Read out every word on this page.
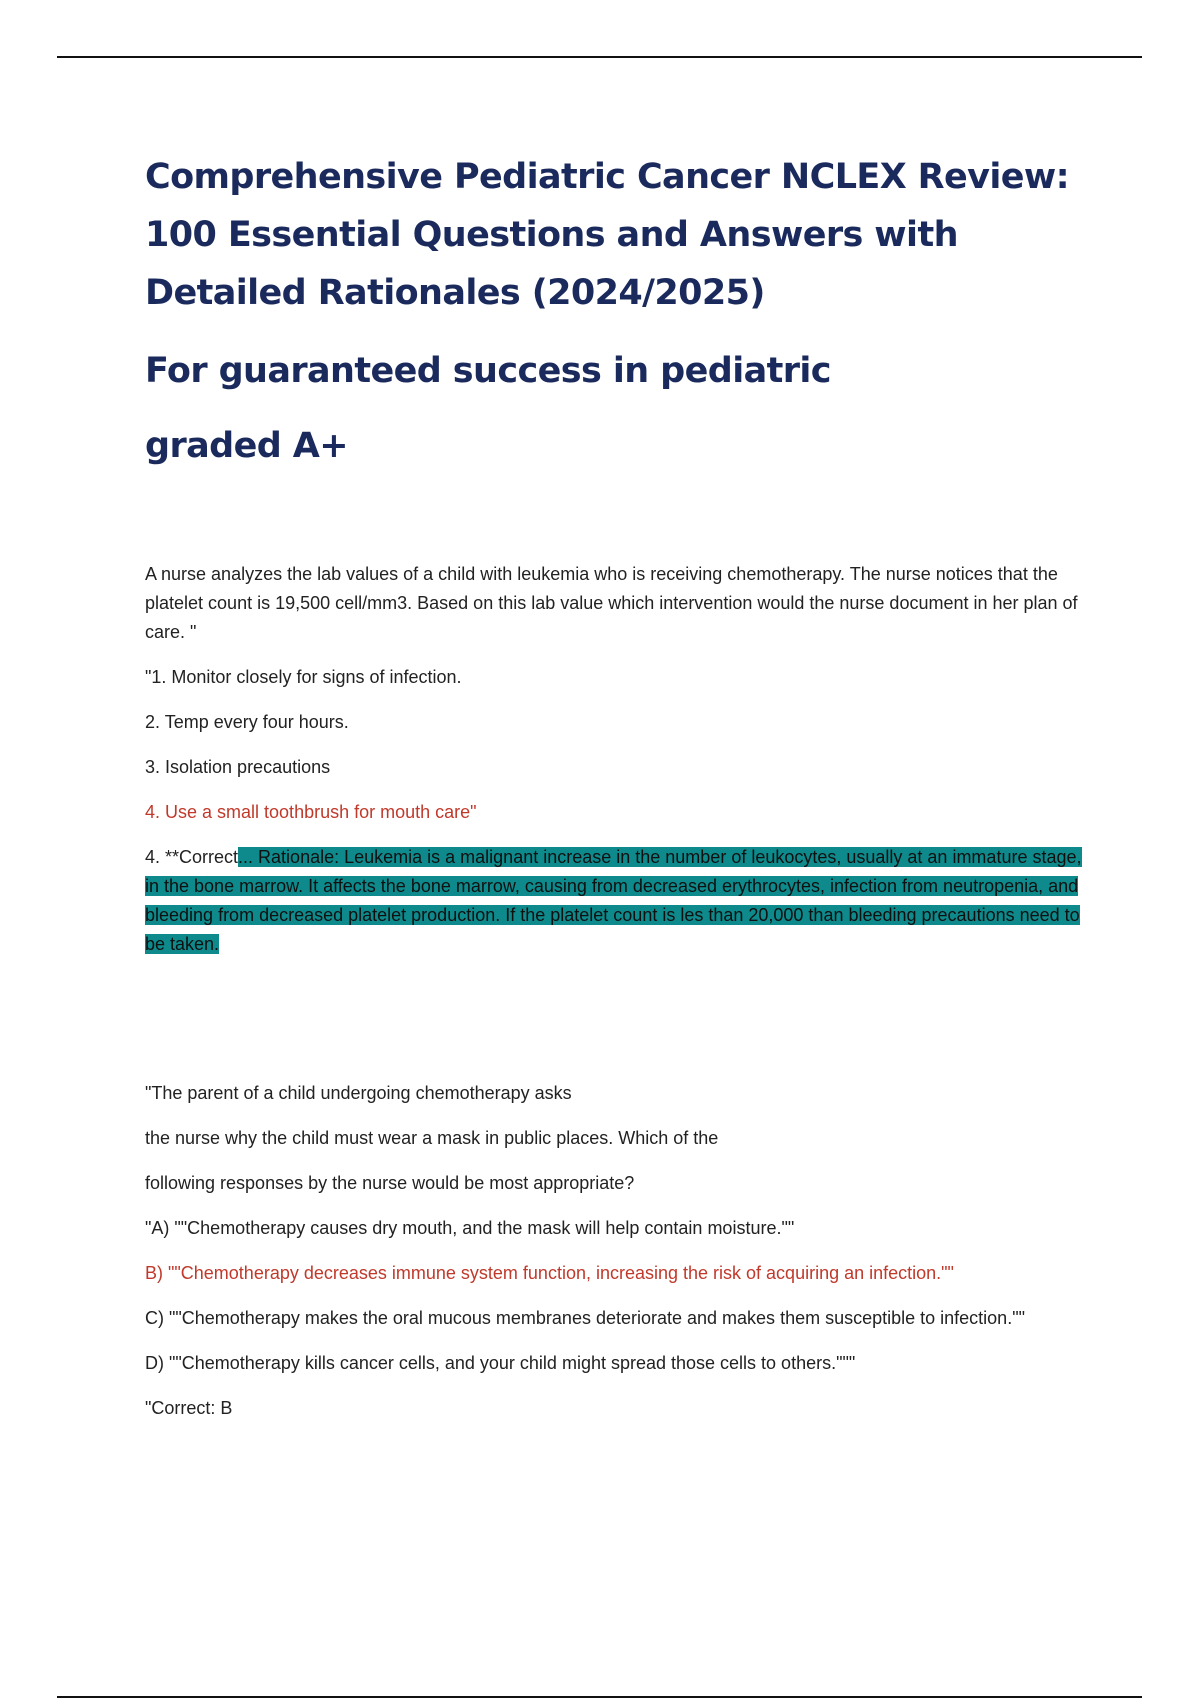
Comprehensive Pediatric Cancer NCLEX Review: 100 Essential Questions and Answers with Detailed Rationales (2024/2025)

For guaranteed success in pediatric
graded A+

A nurse analyzes the lab values of a child with leukemia who is receiving chemotherapy. The nurse notices that the platelet count is 19,500 cell/mm3. Based on this lab value which intervention would the nurse document in her plan of care. "

"1. Monitor closely for signs of infection.

2. Temp every four hours.

3. Isolation precautions

4. Use a small toothbrush for mouth care"

4. **Correct... Rationale: Leukemia is a malignant increase in the number of leukocytes, usually at an immature stage, in the bone marrow. It affects the bone marrow, causing from decreased erythrocytes, infection from neutropenia, and bleeding from decreased platelet production. If the platelet count is les than 20,000 than bleeding precautions need to be taken.

"The parent of a child undergoing chemotherapy asks

the nurse why the child must wear a mask in public places. Which of the

following responses by the nurse would be most appropriate?

"A) ""Chemotherapy causes dry mouth, and the mask will help contain moisture.""

B) ""Chemotherapy decreases immune system function, increasing the risk of acquiring an infection.""

C) ""Chemotherapy makes the oral mucous membranes deteriorate and makes them susceptible to infection.""

D) ""Chemotherapy kills cancer cells, and your child might spread those cells to others."""

"Correct: B
